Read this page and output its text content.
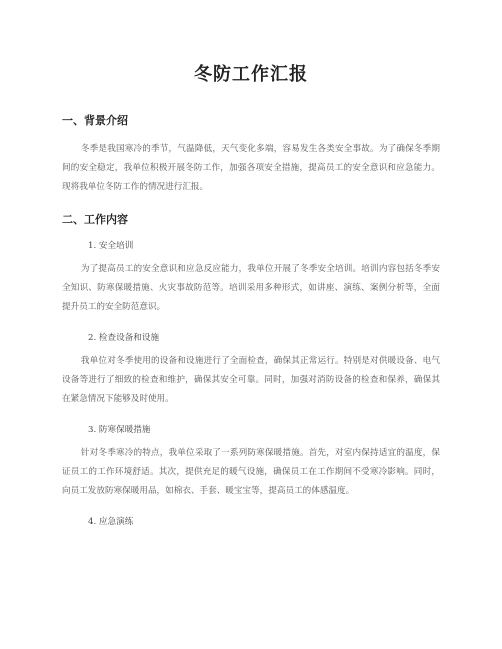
冬防工作汇报
一、背景介绍
冬季是我国寒冷的季节，气温降低，天气变化多端，容易发生各类安全事故。为了确保冬季期间的安全稳定，我单位积极开展冬防工作，加强各项安全措施，提高员工的安全意识和应急能力。现将我单位冬防工作的情况进行汇报。
二、工作内容
1. 安全培训
为了提高员工的安全意识和应急反应能力，我单位开展了冬季安全培训。培训内容包括冬季安全知识、防寒保暖措施、火灾事故防范等。培训采用多种形式，如讲座、演练、案例分析等，全面提升员工的安全防范意识。
2. 检查设备和设施
我单位对冬季使用的设备和设施进行了全面检查，确保其正常运行。特别是对供暖设备、电气设备等进行了细致的检查和维护，确保其安全可靠。同时，加强对消防设备的检查和保养，确保其在紧急情况下能够及时使用。
3. 防寒保暖措施
针对冬季寒冷的特点，我单位采取了一系列防寒保暖措施。首先，对室内保持适宜的温度，保证员工的工作环境舒适。其次，提供充足的暖气设施，确保员工在工作期间不受寒冷影响。同时，向员工发放防寒保暖用品，如棉衣、手套、暖宝宝等，提高员工的体感温度。
4. 应急演练
